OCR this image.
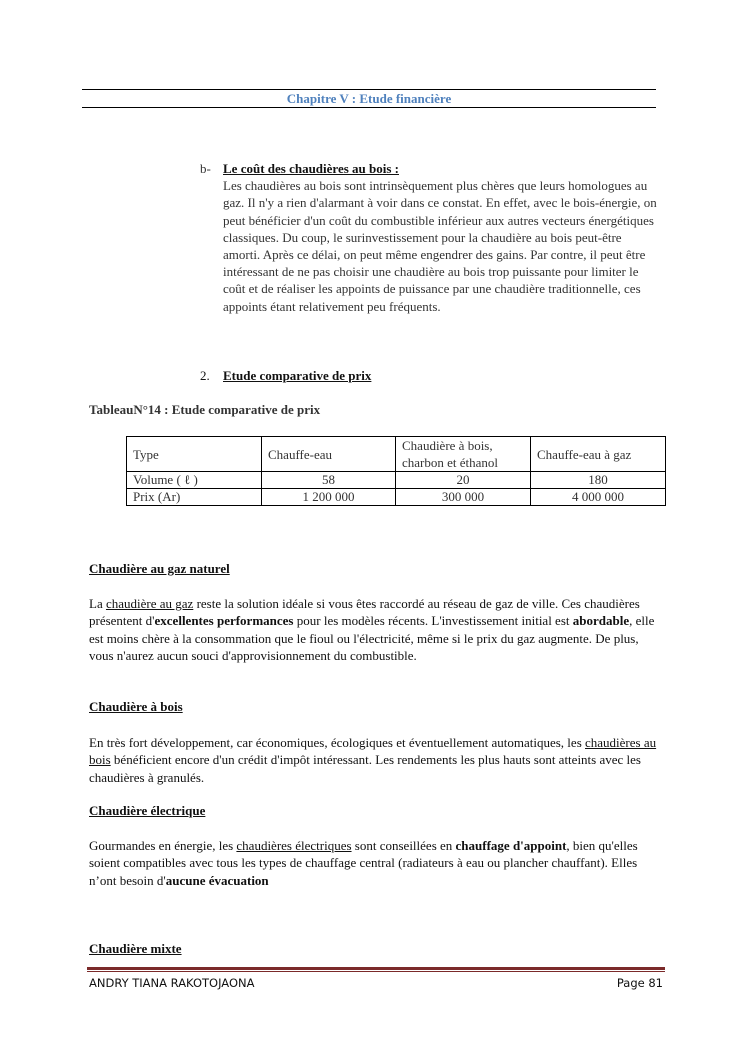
Chapitre V : Etude financière
b- Le coût des chaudières au bois :
Les chaudières au bois sont intrinsèquement plus chères que leurs homologues au gaz. Il n'y a rien d'alarmant à voir dans ce constat. En effet, avec le bois-énergie, on peut bénéficier d'un coût du combustible inférieur aux autres vecteurs énergétiques classiques. Du coup, le surinvestissement pour la chaudière au bois peut-être amorti. Après ce délai, on peut même engendrer des gains. Par contre, il peut être intéressant de ne pas choisir une chaudière au bois trop puissante pour limiter le coût et de réaliser les appoints de puissance par une chaudière traditionnelle, ces appoints étant relativement peu fréquents.
2. Etude comparative de prix
TableauN°14 : Etude comparative de prix
Type	Chauffe-eau	Chaudière à bois, charbon et éthanol	Chauffe-eau à gaz
Volume ( ℓ )	58	20	180
Prix (Ar)	1 200 000	300 000	4 000 000
Chaudière au gaz naturel
La chaudière au gaz reste la solution idéale si vous êtes raccordé au réseau de gaz de ville. Ces chaudières présentent d'excellentes performances pour les modèles récents. L'investissement initial est abordable, elle est moins chère à la consommation que le fioul ou l'électricité, même si le prix du gaz augmente. De plus, vous n'aurez aucun souci d'approvisionnement du combustible.
Chaudière à bois
En très fort développement, car économiques, écologiques et éventuellement automatiques, les chaudières au bois bénéficient encore d'un crédit d'impôt intéressant. Les rendements les plus hauts sont atteints avec les chaudières à granulés.
Chaudière électrique
Gourmandes en énergie, les chaudières électriques sont conseillées en chauffage d'appoint, bien qu'elles soient compatibles avec tous les types de chauffage central (radiateurs à eau ou plancher chauffant). Elles n’ont besoin d'aucune évacuation
Chaudière mixte
ANDRY TIANA RAKOTOJAONA	Page 81
